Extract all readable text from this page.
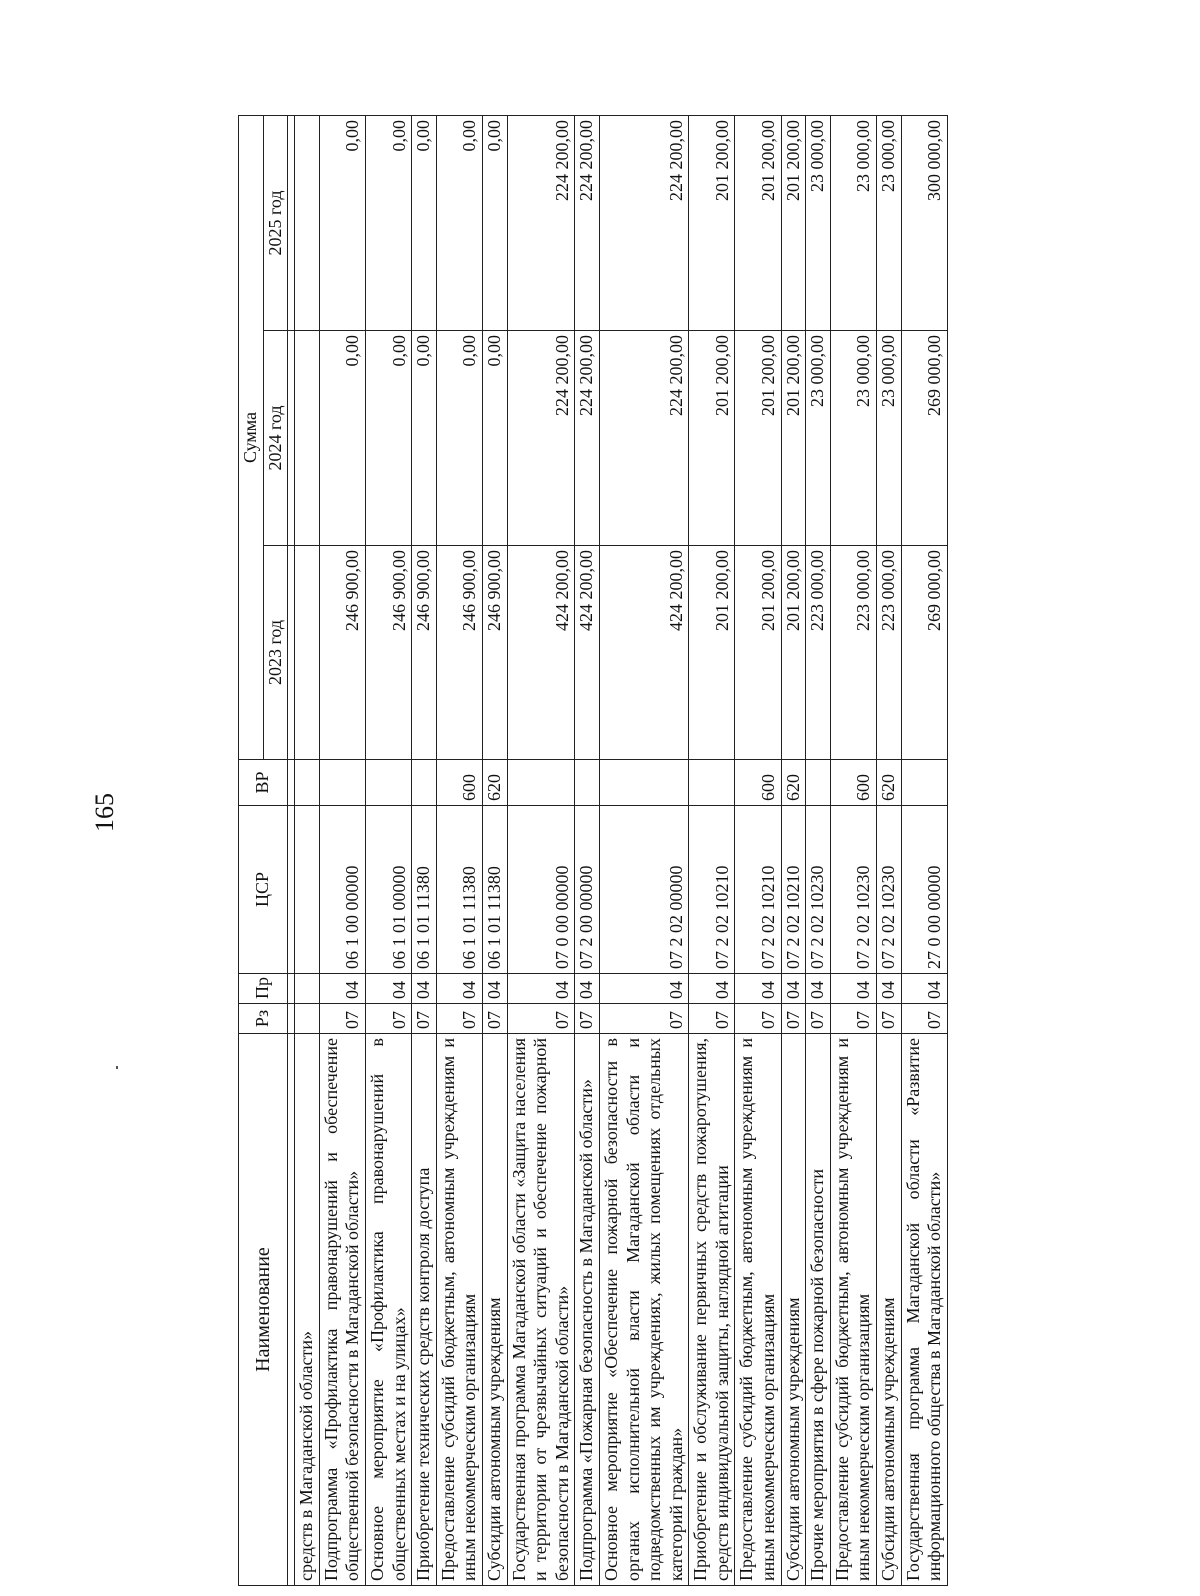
165
Наименование	Рз	Пр	ЦСР	ВР	Сумма		
					2023 год	2024 год	2025 год

средств в Магаданской области»							
Подпрограмма «Профилактика правонарушений и обеспечение общественной безопасности в Магаданской области»	07	04	06 1 00 00000		246 900,00	0,00	0,00
Основное мероприятие «Профилактика правонарушений в общественных местах и на улицах»	07	04	06 1 01 00000		246 900,00	0,00	0,00
Приобретение технических средств контроля доступа	07	04	06 1 01 11380		246 900,00	0,00	0,00
Предоставление субсидий бюджетным, автономным учреждениям и иным некоммерческим организациям	07	04	06 1 01 11380	600	246 900,00	0,00	0,00
Субсидии автономным учреждениям	07	04	06 1 01 11380	620	246 900,00	0,00	0,00
Государственная программа Магаданской области «Защита населения и территории от чрезвычайных ситуаций и обеспечение пожарной безопасности в Магаданской области»	07	04	07 0 00 00000		424 200,00	224 200,00	224 200,00
Подпрограмма «Пожарная безопасность в Магаданской области»	07	04	07 2 00 00000		424 200,00	224 200,00	224 200,00
Основное мероприятие «Обеспечение пожарной безопасности в органах исполнительной власти Магаданской области и подведомственных им учреждениях, жилых помещениях отдельных категорий граждан»	07	04	07 2 02 00000		424 200,00	224 200,00	224 200,00
Приобретение и обслуживание первичных средств пожаротушения, средств индивидуальной защиты, наглядной агитации	07	04	07 2 02 10210		201 200,00	201 200,00	201 200,00
Предоставление субсидий бюджетным, автономным учреждениям и иным некоммерческим организациям	07	04	07 2 02 10210	600	201 200,00	201 200,00	201 200,00
Субсидии автономным учреждениям	07	04	07 2 02 10210	620	201 200,00	201 200,00	201 200,00
Прочие мероприятия в сфере пожарной безопасности	07	04	07 2 02 10230		223 000,00	23 000,00	23 000,00
Предоставление субсидий бюджетным, автономным учреждениям и иным некоммерческим организациям	07	04	07 2 02 10230	600	223 000,00	23 000,00	23 000,00
Субсидии автономным учреждениям	07	04	07 2 02 10230	620	223 000,00	23 000,00	23 000,00
Государственная программа Магаданской области «Развитие информационного общества в Магаданской области»	07	04	27 0 00 00000		269 000,00	269 000,00	300 000,00
